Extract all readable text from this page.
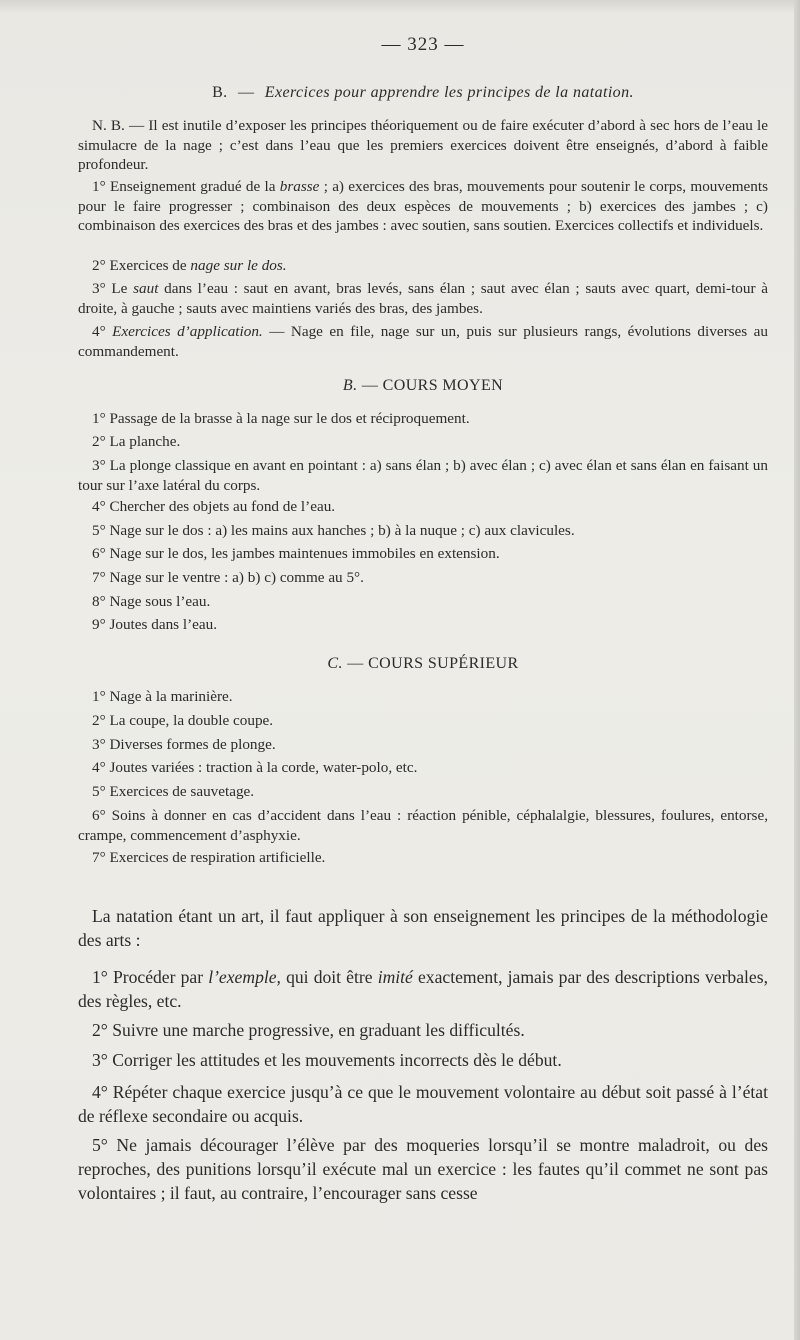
— 323 —
B. — Exercices pour apprendre les principes de la natation.
N. B. — Il est inutile d’exposer les principes théoriquement ou de faire exécuter d’abord à sec hors de l’eau le simulacre de la nage ; c’est dans l’eau que les premiers exercices doivent être enseignés, d’abord à faible profondeur.
1° Enseignement gradué de la brasse ; a) exercices des bras, mouvements pour soutenir le corps, mouvements pour le faire progresser ; combinaison des deux espèces de mouvements ; b) exercices des jambes ; c) combinaison des exercices des bras et des jambes : avec soutien, sans soutien. Exercices collectifs et individuels.
2° Exercices de nage sur le dos.
3° Le saut dans l’eau : saut en avant, bras levés, sans élan ; saut avec élan ; sauts avec quart, demi-tour à droite, à gauche ; sauts avec maintiens variés des bras, des jambes.
4° Exercices d’application. — Nage en file, nage sur un, puis sur plusieurs rangs, évolutions diverses au commandement.
B. — COURS MOYEN
1° Passage de la brasse à la nage sur le dos et réciproquement.
2° La planche.
3° La plonge classique en avant en pointant : a) sans élan ; b) avec élan ; c) avec élan et sans élan en faisant un tour sur l’axe latéral du corps.
4° Chercher des objets au fond de l’eau.
5° Nage sur le dos : a) les mains aux hanches ; b) à la nuque ; c) aux clavicules.
6° Nage sur le dos, les jambes maintenues immobiles en extension.
7° Nage sur le ventre : a) b) c) comme au 5°.
8° Nage sous l’eau.
9° Joutes dans l’eau.
C. — COURS SUPÉRIEUR
1° Nage à la marinière.
2° La coupe, la double coupe.
3° Diverses formes de plonge.
4° Joutes variées : traction à la corde, water-polo, etc.
5° Exercices de sauvetage.
6° Soins à donner en cas d’accident dans l’eau : réaction pénible, céphalalgie, blessures, foulures, entorse, crampe, commencement d’asphyxie.
7° Exercices de respiration artificielle.
La natation étant un art, il faut appliquer à son enseignement les principes de la méthodologie des arts :
1° Procéder par l’exemple, qui doit être imité exactement, jamais par des descriptions verbales, des règles, etc.
2° Suivre une marche progressive, en graduant les difficultés.
3° Corriger les attitudes et les mouvements incorrects dès le début.
4° Répéter chaque exercice jusqu’à ce que le mouvement volontaire au début soit passé à l’état de réflexe secondaire ou acquis.
5° Ne jamais décourager l’élève par des moqueries lorsqu’il se montre maladroit, ou des reproches, des punitions lorsqu’il exécute mal un exercice : les fautes qu’il commet ne sont pas volontaires ; il faut, au contraire, l’encourager sans cesse
